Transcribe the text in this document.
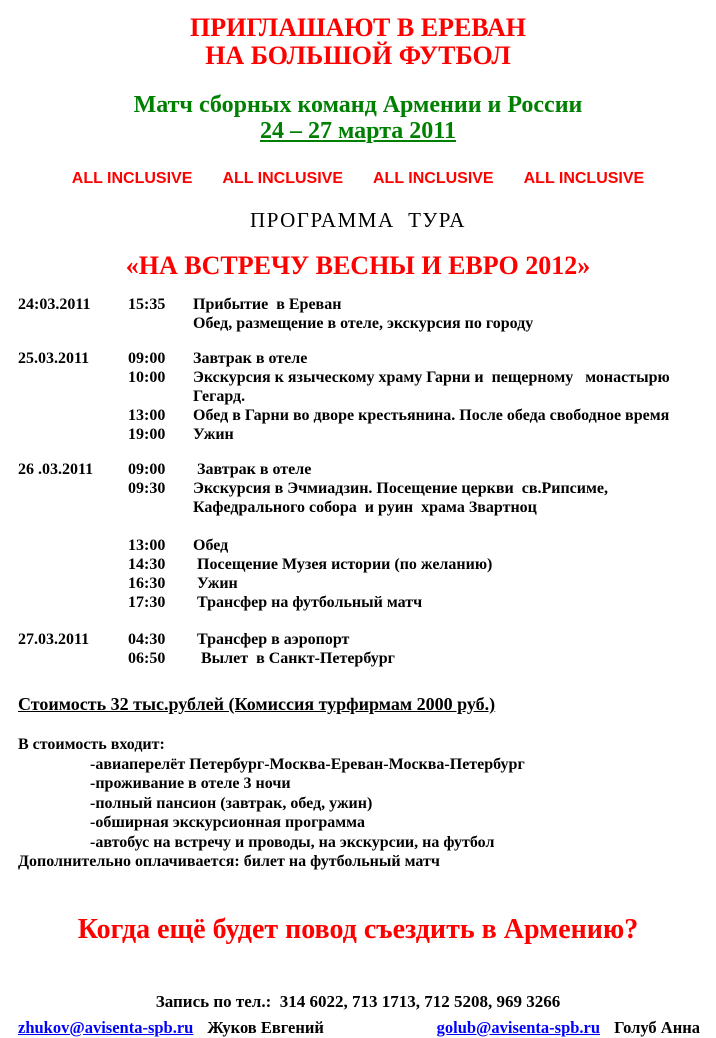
ПРИГЛАШАЮТ В ЕРЕВАН
НА БОЛЬШОЙ ФУТБОЛ
Матч сборных команд Армении и России
24 – 27 марта 2011
ALL INCLUSIVE ALL INCLUSIVE ALL INCLUSIVE ALL INCLUSIVE
ПРОГРАММА  ТУРА
«НА ВСТРЕЧУ ВЕСНЫ И ЕВРО 2012»
24:03.2011	15:35	Прибытие  в Ереван
Обед, размещение в отеле, экскурсия по городу
25.03.2011	09:00	Завтрак в отеле
10:00	Экскурсия к языческому храму Гарни и  пещерному   монастырю Гегард.
13:00	Обед в Гарни во дворе крестьянина. После обеда свободное время
19:00	Ужин
26 .03.2011	09:00	Завтрак в отеле
09:30	Экскурсия в Эчмиадзин. Посещение церкви  св.Рипсиме, Кафедрального собора  и руин  храма Звартноц
13:00	Обед
14:30	Посещение Музея истории (по желанию)
16:30	Ужин
17:30	Трансфер на футбольный матч
27.03.2011	04:30	Трансфер в аэропорт
06:50	Вылет  в Санкт-Петербург
Стоимость 32 тыс.рублей (Комиссия турфирмам 2000 руб.)
В стоимость входит:
-авиаперелёт Петербург-Москва-Ереван-Москва-Петербург
-проживание в отеле 3 ночи
-полный пансион (завтрак, обед, ужин)
-обширная экскурсионная программа
-автобус на встречу и проводы, на экскурсии, на футбол
Дополнительно оплачивается: билет на футбольный матч
Когда ещё будет повод съездить в Армению?
Запись по тел.:  314 6022, 713 1713, 712 5208, 969 3266
zhukov@avisenta-spb.ru Жуков Евгений	golub@avisenta-spb.ru Голуб Анна
